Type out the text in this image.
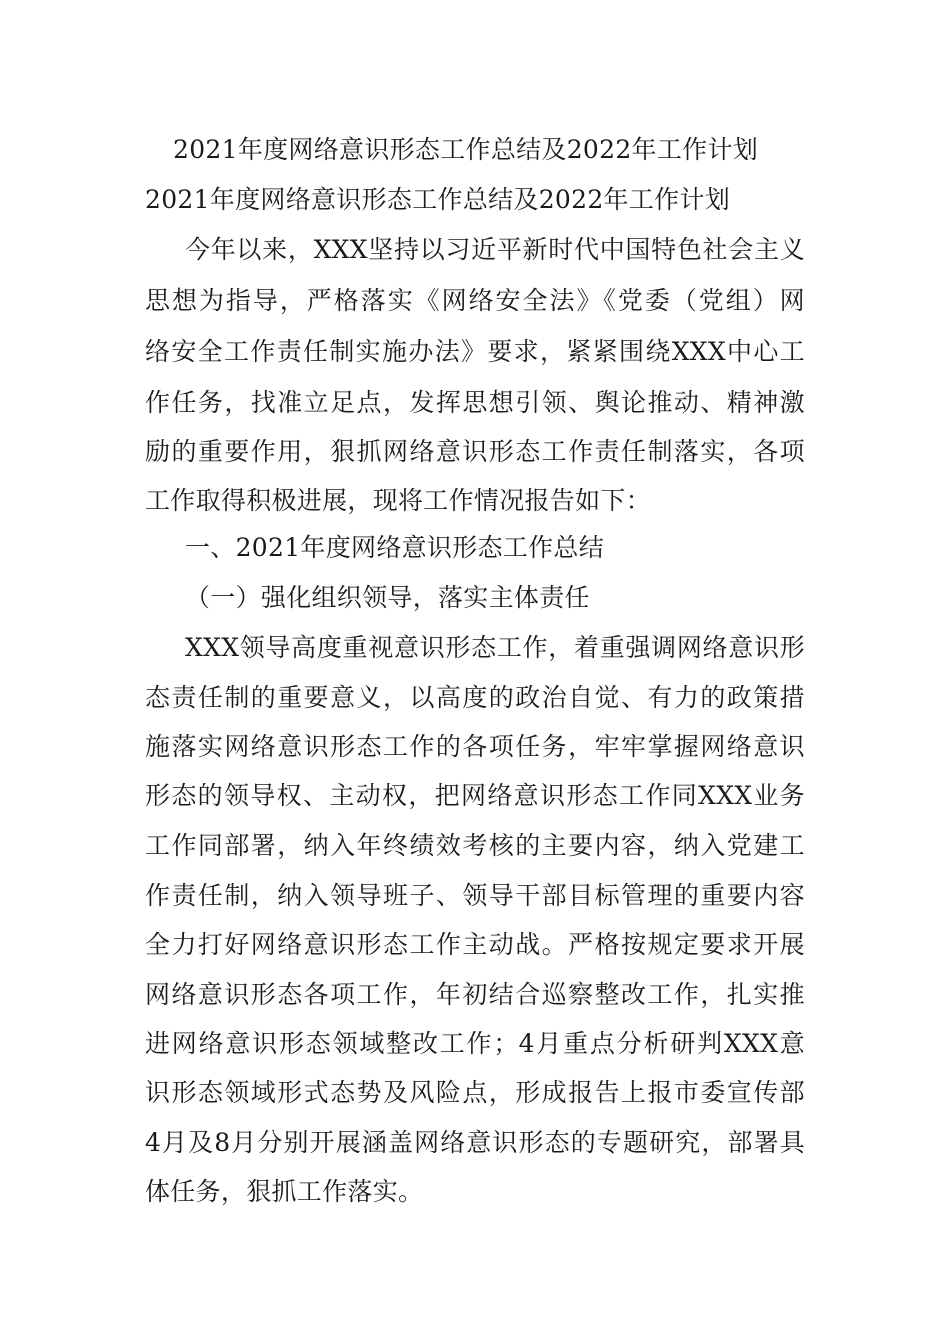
2021年度网络意识形态工作总结及2022年工作计划
2021年度网络意识形态工作总结及2022年工作计划
今年以来，XXX坚持以习近平新时代中国特色社会主义
思想为指导，严格落实《网络安全法》《党委（党组）网
络安全工作责任制实施办法》要求，紧紧围绕XXX中心工
作任务，找准立足点，发挥思想引领、舆论推动、精神激
励的重要作用，狠抓网络意识形态工作责任制落实，各项
工作取得积极进展，现将工作情况报告如下：
一、2021年度网络意识形态工作总结
（一）强化组织领导，落实主体责任
XXX领导高度重视意识形态工作，着重强调网络意识形
态责任制的重要意义，以高度的政治自觉、有力的政策措
施落实网络意识形态工作的各项任务，牢牢掌握网络意识
形态的领导权、主动权，把网络意识形态工作同XXX业务
工作同部署，纳入年终绩效考核的主要内容，纳入党建工
作责任制，纳入领导班子、领导干部目标管理的重要内容
全力打好网络意识形态工作主动战。严格按规定要求开展
网络意识形态各项工作，年初结合巡察整改工作，扎实推
进网络意识形态领域整改工作；4月重点分析研判XXX意
识形态领域形式态势及风险点，形成报告上报市委宣传部
4月及8月分别开展涵盖网络意识形态的专题研究，部署具
体任务，狠抓工作落实。
